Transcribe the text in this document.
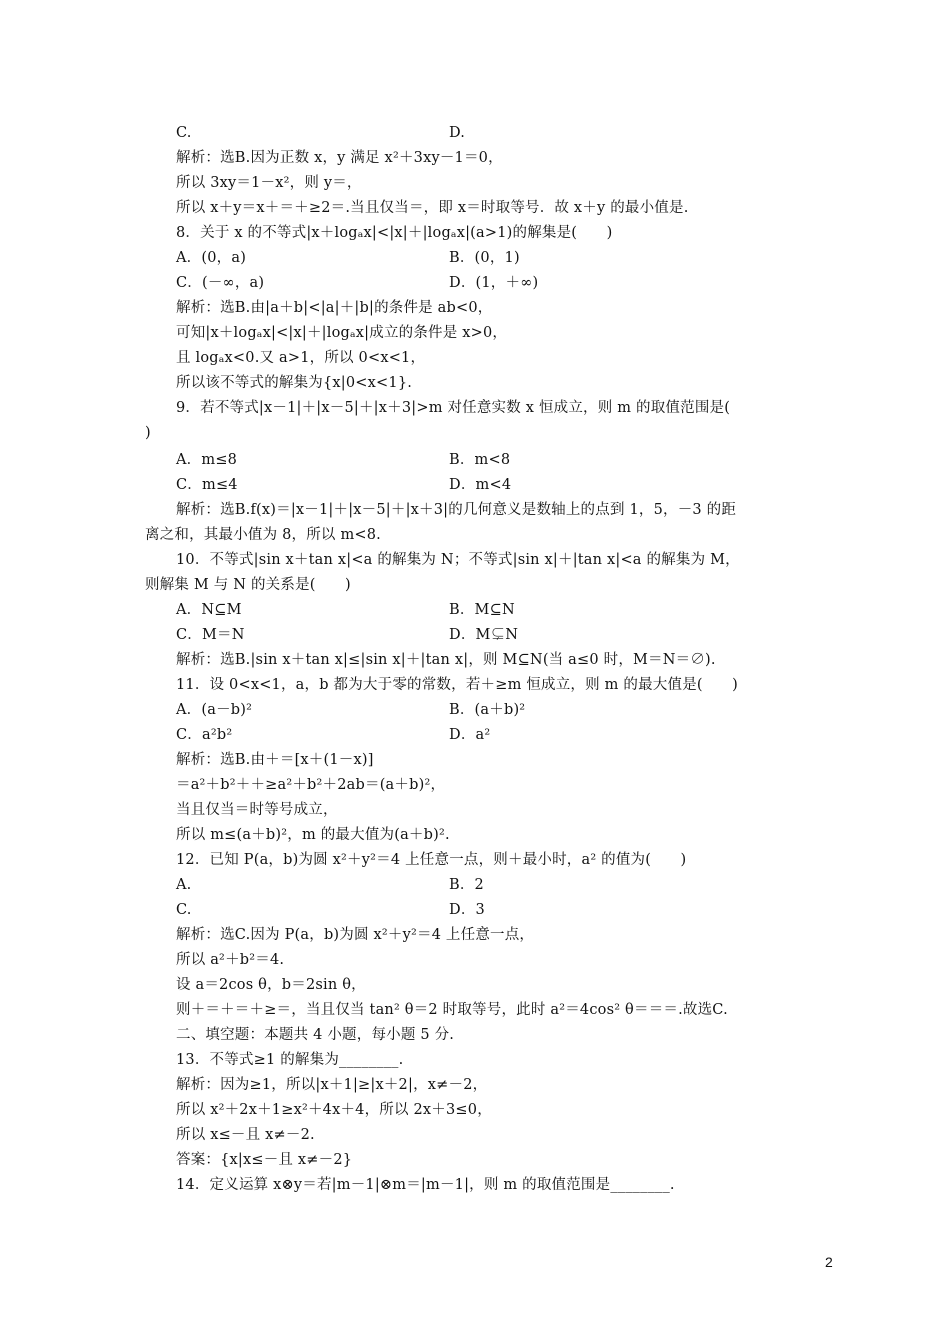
C.	D.
解析：选B.因为正数 x，y 满足 x²＋3xy－1＝0，
所以 3xy＝1－x²，则 y＝，
所以 x＋y＝x＋＝＋≥2＝.当且仅当＝，即 x＝时取等号．故 x＋y 的最小值是.
8．关于 x 的不等式|x＋logₐx|<|x|＋|logₐx|(a>1)的解集是(　　)
A．(0，a)	B．(0，1)
C．(－∞，a)	D．(1，＋∞)
解析：选B.由|a＋b|<|a|＋|b|的条件是 ab<0，
可知|x＋logₐx|<|x|＋|logₐx|成立的条件是 x>0，
且 logₐx<0.又 a>1，所以 0<x<1，
所以该不等式的解集为{x|0<x<1}.
9．若不等式|x－1|＋|x－5|＋|x＋3|>m 对任意实数 x 恒成立，则 m 的取值范围是(
)
A．m≤8	B．m<8
C．m≤4	D．m<4
解析：选B.f(x)＝|x－1|＋|x－5|＋|x＋3|的几何意义是数轴上的点到 1，5，－3 的距
离之和，其最小值为 8，所以 m<8.
10．不等式|sin x＋tan x|<a 的解集为 N；不等式|sin x|＋|tan x|<a 的解集为 M，
则解集 M 与 N 的关系是(　　)
A．N⊆M	B．M⊆N
C．M＝N	D．M⊊N
解析：选B.|sin x＋tan x|≤|sin x|＋|tan x|，则 M⊆N(当 a≤0 时，M＝N＝∅).
11．设 0<x<1，a，b 都为大于零的常数，若＋≥m 恒成立，则 m 的最大值是(　　)
A．(a－b)²	B．(a＋b)²
C．a²b²	D．a²
解析：选B.由＋＝[x＋(1－x)]
＝a²＋b²＋＋≥a²＋b²＋2ab＝(a＋b)²，
当且仅当＝时等号成立，
所以 m≤(a＋b)²，m 的最大值为(a＋b)².
12．已知 P(a，b)为圆 x²＋y²＝4 上任意一点，则＋最小时，a² 的值为(　　)
A.	B．2
C.	D．3
解析：选C.因为 P(a，b)为圆 x²＋y²＝4 上任意一点，
所以 a²＋b²＝4.
设 a＝2cos θ，b＝2sin θ，
则＋＝＋＝＋≥＝，当且仅当 tan² θ＝2 时取等号，此时 a²＝4cos² θ＝＝＝.故选C.
二、填空题：本题共 4 小题，每小题 5 分.
13．不等式≥1 的解集为________.
解析：因为≥1，所以|x＋1|≥|x＋2|，x≠－2，
所以 x²＋2x＋1≥x²＋4x＋4，所以 2x＋3≤0，
所以 x≤－且 x≠－2.
答案：{x|x≤－且 x≠－2}
14．定义运算 x⊗y＝若|m－1|⊗m＝|m－1|，则 m 的取值范围是________.
2
